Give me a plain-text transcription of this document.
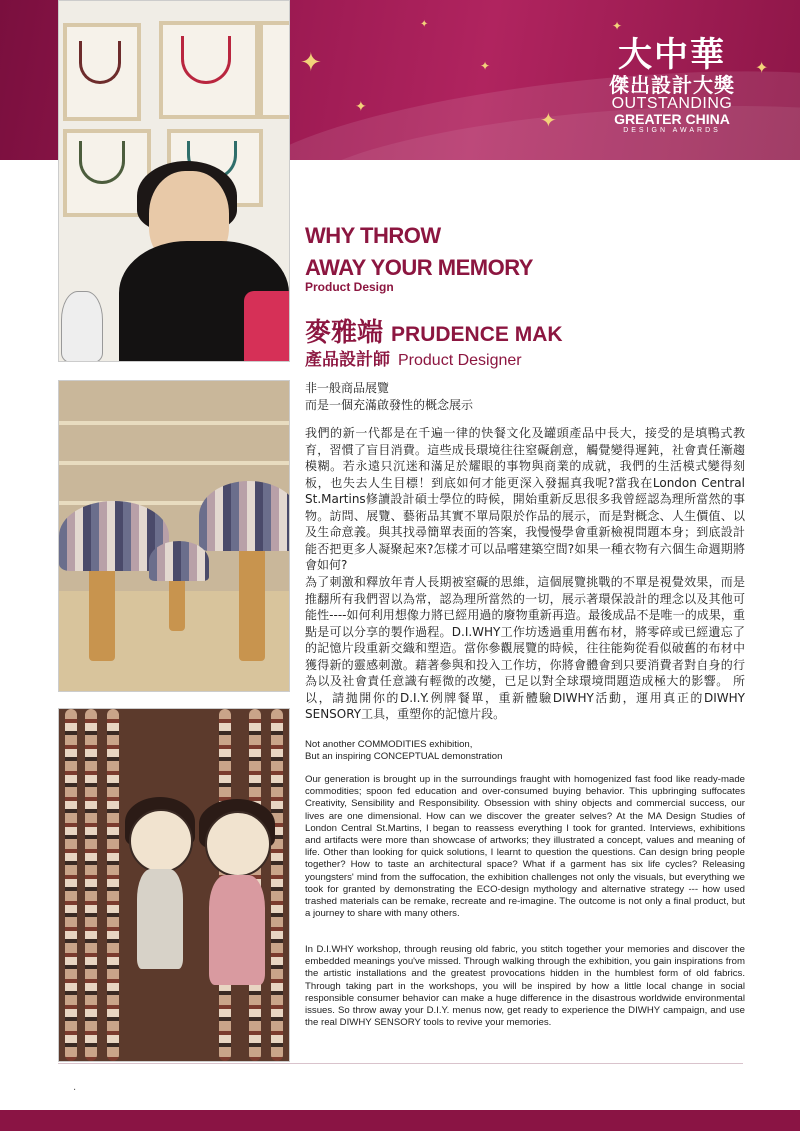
✦
✦
✦
✦
✦
✦
✦
大中華
傑出設計大獎
OUTSTANDING
GREATER CHINA
DESIGN AWARDS
WHY THROW
AWAY YOUR MEMORY
Product Design
麥雅端 PRUDENCE MAK
產品設計師 Product Designer
非一般商品展覽
而是一個充滿啟發性的概念展示
我們的新一代都是在千遍一律的快餐文化及罐頭產品中長大，接受的是填鴨式教育，習慣了盲目消費。這些成長環境往往窒礙創意，觸覺變得遲鈍，社會責任漸趨模糊。若永遠只沉迷和滿足於耀眼的事物與商業的成就，我們的生活模式變得刻板，也失去人生目標！到底如何才能更深入發掘真我呢?當我在London Central St.Martins修讀設計碩士學位的時候，開始重新反思很多我曾經認為理所當然的事物。訪問、展覽、藝術品其實不單局限於作品的展示，而是對概念、人生價值、以及生命意義。與其找尋簡單表面的答案，我慢慢學會重新檢視問題本身；到底設計能否把更多人凝聚起來?怎樣才可以品嚐建築空間?如果一種衣物有六個生命週期將會如何?
為了刺激和釋放年青人長期被窒礙的思維，這個展覽挑戰的不單是視覺效果，而是推翻所有我們習以為常，認為理所當然的一切，展示著環保設計的理念以及其他可能性----如何利用想像力將已經用過的廢物重新再造。最後成品不是唯一的成果，重點是可以分享的製作過程。D.I.WHY工作坊透過重用舊布材，將零碎或已經遺忘了的記憶片段重新交織和塑造。當你參觀展覽的時候，往往能夠從看似破舊的布材中獲得新的靈感刺激。藉著參與和投入工作坊，你將會體會到只要消費者對自身的行為以及社會責任意識有輕微的改變，已足以對全球環境問題造成極大的影響。 所以，請拋開你的D.I.Y.例牌餐單，重新體驗DIWHY活動，運用真正的DIWHY SENSORY工具，重塑你的記憶片段。
Not another COMMODITIES exhibition,
But an inspiring CONCEPTUAL demonstration
Our generation is brought up in the surroundings fraught with homogenized fast food like ready-made commodities; spoon fed education and over-consumed buying behavior. This upbringing suffocates Creativity, Sensibility and Responsibility. Obsession with shiny objects and commercial success, our lives are one dimensional. How can we discover the greater selves? At the MA Design Studies of London Central St.Martins, I began to reassess everything I took for granted. Interviews, exhibitions and artifacts were more than showcase of artworks; they illustrated a concept, values and meaning of life. Other than looking for quick solutions, I learnt to question the questions. Can design bring people together? How to taste an architectural space? What if a garment has six life cycles? Releasing youngsters' mind from the suffocation, the exhibition challenges not only the visuals, but everything we took for granted by demonstrating the ECO-design mythology and alternative strategy --- how used trashed materials can be remake, recreate and re-imagine. The outcome is not only a final product, but a journey to share with many others.
In D.I.WHY workshop, through reusing old fabric, you stitch together your memories and discover the embedded meanings you've missed. Through walking through the exhibition, you gain inspirations from the artistic installations and the greatest provocations hidden in the humblest form of old fabrics. Through taking part in the workshops, you will be inspired by how a little local change in social responsible consumer behavior can make a huge difference in the disastrous worldwide environmental issues. So throw away your D.I.Y. menus now, get ready to experience the DIWHY campaign, and use the real DIWHY SENSORY tools to revive your memories.
.
